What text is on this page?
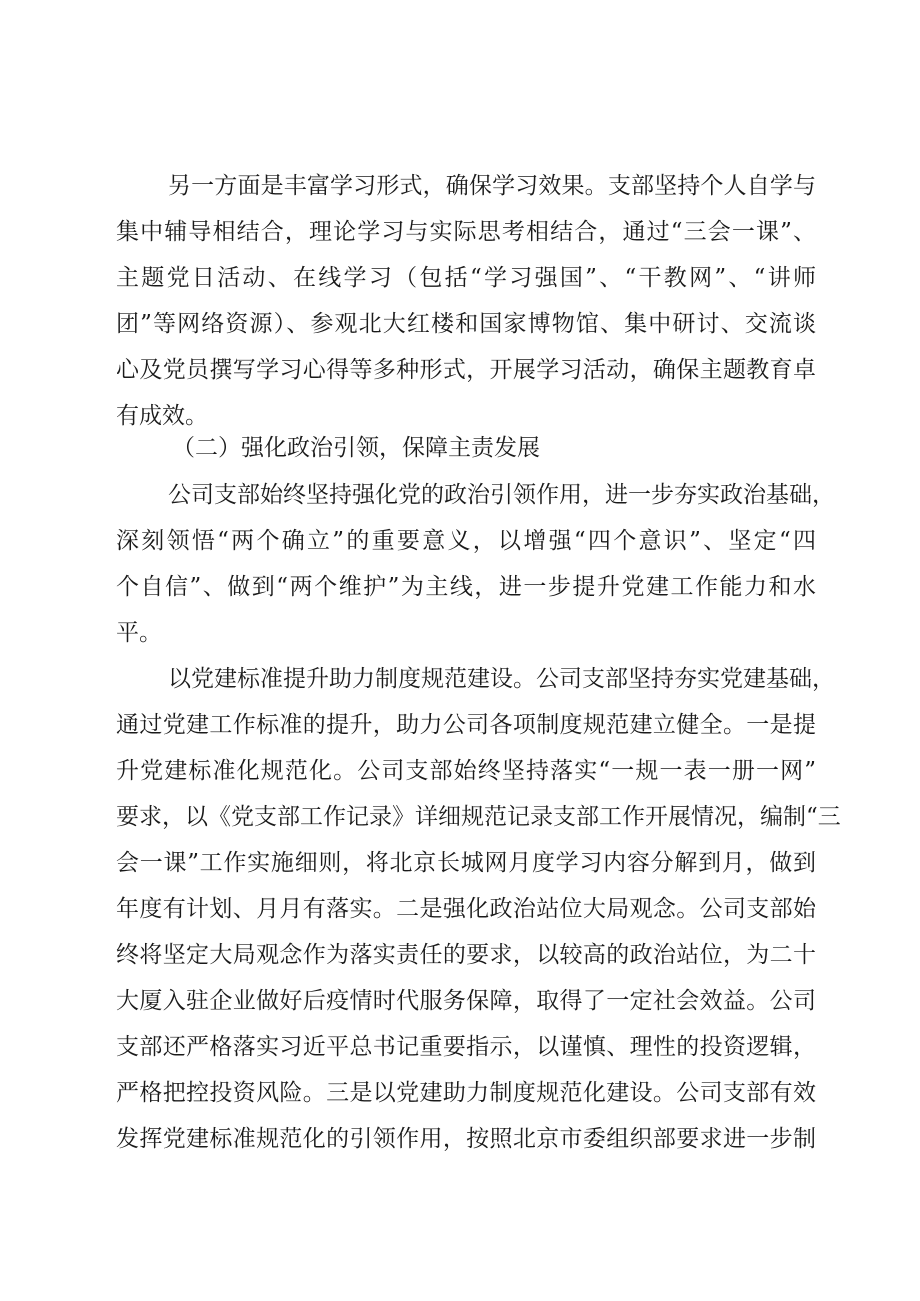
另一方面是丰富学习形式，确保学习效果。支部坚持个人自学与

集中辅导相结合，理论学习与实际思考相结合，通过“三会一课”、

主题党日活动、在线学习（包括“学习强国”、“干教网”、“讲师

团”等网络资源）、参观北大红楼和国家博物馆、集中研讨、交流谈

心及党员撰写学习心得等多种形式，开展学习活动，确保主题教育卓

有成效。

（二）强化政治引领，保障主责发展

公司支部始终坚持强化党的政治引领作用，进一步夯实政治基础，

深刻领悟“两个确立”的重要意义，以增强“四个意识”、坚定“四

个自信”、做到“两个维护”为主线，进一步提升党建工作能力和水

平。

以党建标准提升助力制度规范建设。公司支部坚持夯实党建基础，

通过党建工作标准的提升，助力公司各项制度规范建立健全。一是提

升党建标准化规范化。公司支部始终坚持落实“一规一表一册一网”

要求，以《党支部工作记录》详细规范记录支部工作开展情况，编制“三

会一课”工作实施细则，将北京长城网月度学习内容分解到月，做到

年度有计划、月月有落实。二是强化政治站位大局观念。公司支部始

终将坚定大局观念作为落实责任的要求，以较高的政治站位，为二十

大厦入驻企业做好后疫情时代服务保障，取得了一定社会效益。公司

支部还严格落实习近平总书记重要指示，以谨慎、理性的投资逻辑，

严格把控投资风险。三是以党建助力制度规范化建设。公司支部有效

发挥党建标准规范化的引领作用，按照北京市委组织部要求进一步制
